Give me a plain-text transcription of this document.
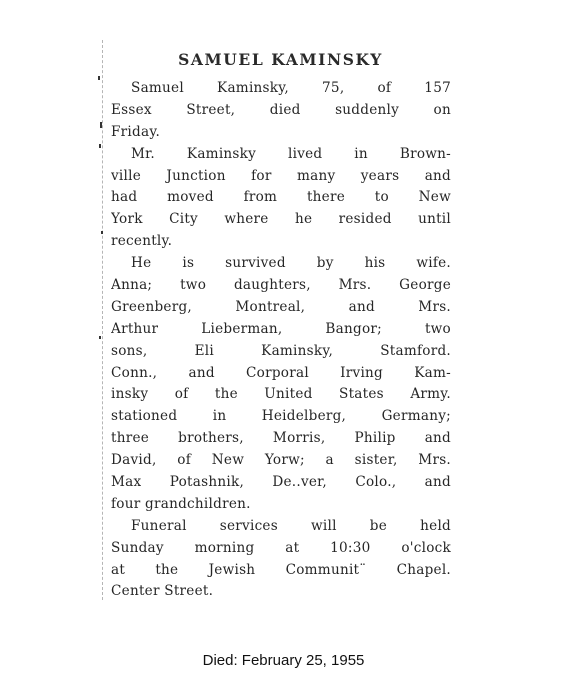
SAMUEL KAMINSKY
Samuel Kaminsky, 75, of 157
Essex Street, died suddenly on
Friday.
Mr. Kaminsky lived in Brown-
ville Junction for many years and
had moved from there to New
York City where he resided until
recently.
He is survived by his wife.
Anna; two daughters, Mrs. George
Greenberg, Montreal, and Mrs.
Arthur Lieberman, Bangor; two
sons, Eli Kaminsky, Stamford.
Conn., and Corporal Irving Kam-
insky of the United States Army.
stationed in Heidelberg, Germany;
three brothers, Morris, Philip and
David, of New Yorw; a sister, Mrs.
Max Potashnik, De..ver, Colo., and
four grandchildren.
Funeral services will be held
Sunday morning at 10:30 o'clock
at the Jewish Communit¨ Chapel.
Center Street.

Died: February 25, 1955
